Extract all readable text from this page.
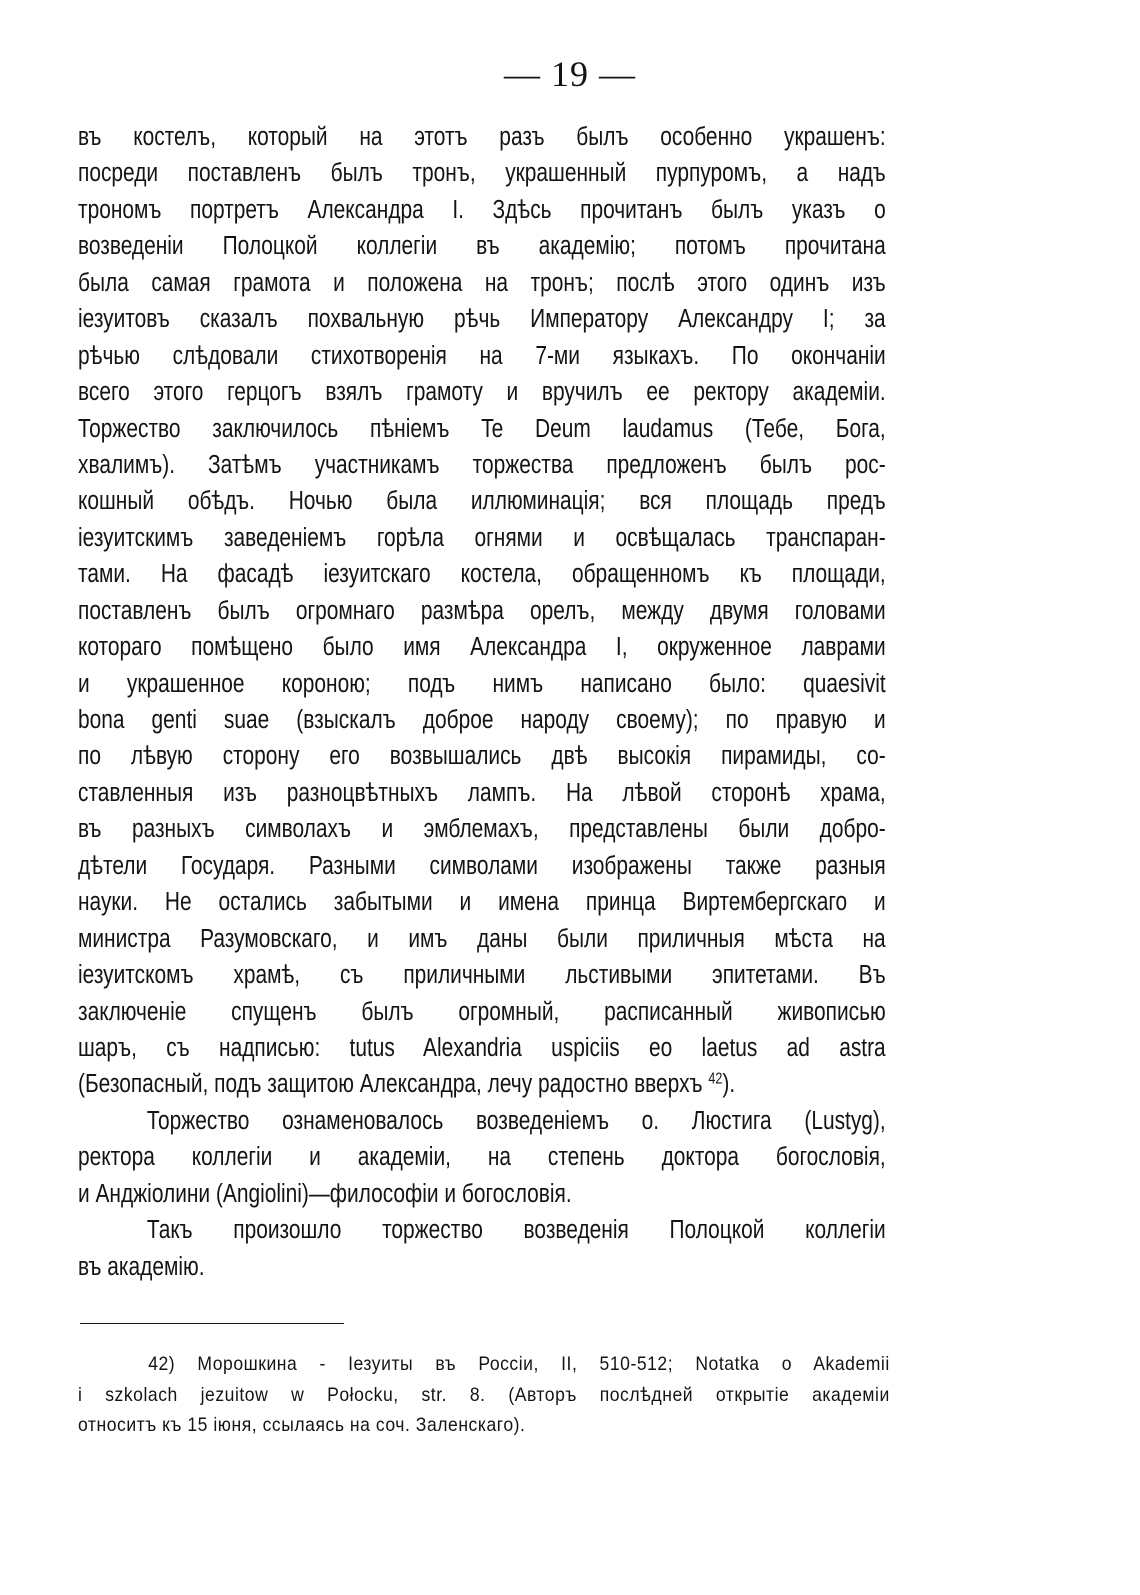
— 19 —
въ костелъ, который на этотъ разъ былъ особенно украшенъ:
посреди поставленъ былъ тронъ, украшенный пурпуромъ, а надъ
трономъ портретъ Александра I. Здѣсь прочитанъ былъ указъ о
возведеніи Полоцкой коллегіи въ академію; потомъ прочитана
была самая грамота и положена на тронъ; послѣ этого одинъ изъ
іезуитовъ сказалъ похвальную рѣчь Императору Александру I; за
рѣчью слѣдовали стихотворенія на 7-ми языкахъ. По окончаніи
всего этого герцогъ взялъ грамоту и вручилъ ее ректору академіи.
Торжество заключилось пѣніемъ Te Deum laudamus (Тебе, Бога,
хвалимъ). Затѣмъ участникамъ торжества предложенъ былъ рос-
кошный обѣдъ. Ночью была иллюминація; вся площадь предъ
іезуитскимъ заведеніемъ горѣла огнями и освѣщалась транспаран-
тами. На фасадѣ іезуитскаго костела, обращенномъ къ площади,
поставленъ былъ огромнаго размѣра орелъ, между двумя головами
котораго помѣщено было имя Александра I, окруженное лаврами
и украшенное короною; подъ нимъ написано было: quaesivit
bona genti suae (взыскалъ доброе народу своему); по правую и
по лѣвую сторону его возвышались двѣ высокія пирамиды, со-
ставленныя изъ разноцвѣтныхъ лампъ. На лѣвой сторонѣ храма,
въ разныхъ символахъ и эмблемахъ, представлены были добро-
дѣтели Государя. Разными символами изображены также разныя
науки. Не остались забытыми и имена принца Виртембергскаго и
министра Разумовскаго, и имъ даны были приличныя мѣста на
іезуитскомъ храмѣ, съ приличными льстивыми эпитетами. Въ
заключеніе спущенъ былъ огромный, расписанный живописью
шаръ, съ надписью: tutus Alexandria uspiciis eo laetus ad astra
(Безопасный, подъ защитою Александра, лечу радостно вверхъ $^{42}$).
Торжество ознаменовалось возведеніемъ о. Люстига (Lustyg),
ректора коллегіи и академіи, на степень доктора богословія,
и Анджіолини (Angiolini)—философіи и богословія.
Такъ произошло торжество возведенія Полоцкой коллегіи
въ академію.
42) Морошкина - Іезуиты въ Россіи, II, 510-512; Notatka o Akademii
i szkolach jezuitow w Połocku, str. 8. (Авторъ послѣдней открытіе академіи
относитъ къ 15 іюня, ссылаясь на соч. Заленскаго).
